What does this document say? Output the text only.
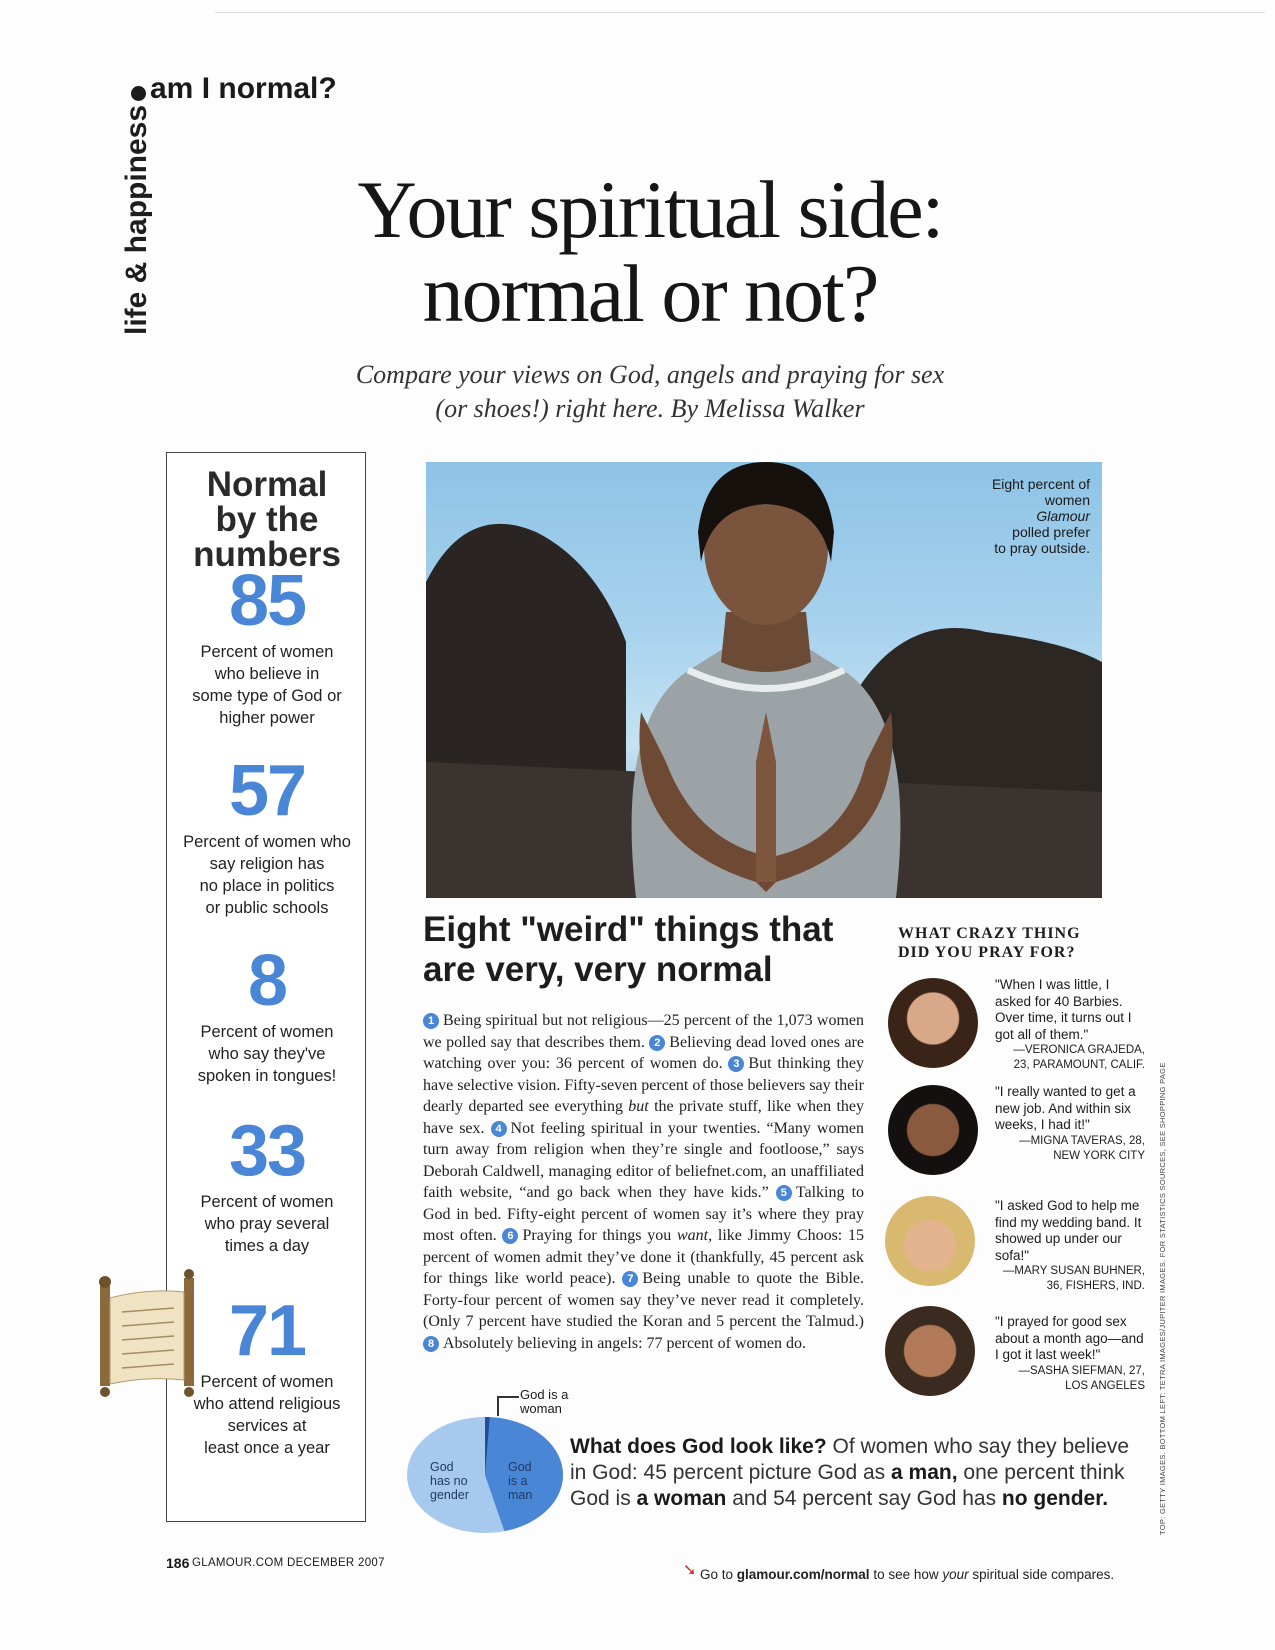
life & happiness
am I normal?
Your spiritual side:
normal or not?
Compare your views on God, angels and praying for sex
(or shoes!) right here. By Melissa Walker
Normal
by the
numbers
85
Percent of women
who believe in
some type of God or
higher power
57
Percent of women who
say religion has
no place in politics
or public schools
8
Percent of women
who say they've
spoken in tongues!
33
Percent of women
who pray several
times a day
71
Percent of women
who attend religious
services at
least once a year
Eight percent of
women Glamour
polled prefer
to pray outside.
Eight "weird" things that
are very, very normal
1 Being spiritual but not religious—25 percent of the 1,073 women we polled say that describes them. 2 Believing dead loved ones are watching over you: 36 percent of women do. 3 But thinking they have selective vision. Fifty-seven percent of those believers say their dearly departed see everything but the private stuff, like when they have sex. 4 Not feeling spiritual in your twenties. “Many women turn away from religion when they’re single and footloose,” says Deborah Caldwell, managing editor of beliefnet.com, an unaffiliated faith website, “and go back when they have kids.” 5 Talking to God in bed. Fifty-eight percent of women say it’s where they pray most often. 6 Praying for things you want, like Jimmy Choos: 15 percent of women admit they’ve done it (thankfully, 45 percent ask for things like world peace). 7 Being unable to quote the Bible. Forty-four percent of women say they’ve never read it completely. (Only 7 percent have studied the Koran and 5 percent the Talmud.) 8 Absolutely believing in angels: 77 percent of women do.
WHAT CRAZY THING
DID YOU PRAY FOR?
"When I was little, I asked for 40 Barbies. Over time, it turns out I got all of them."
—VERONICA GRAJEDA,
23, PARAMOUNT, CALIF.
"I really wanted to get a new job. And within six weeks, I had it!"
—MIGNA TAVERAS, 28,
NEW YORK CITY
"I asked God to help me find my wedding band. It showed up under our sofa!"
—MARY SUSAN BUHNER,
36, FISHERS, IND.
"I prayed for good sex about a month ago—and I got it last week!"
—SASHA SIEFMAN, 27,
LOS ANGELES
God
has no
gender
God
is a
man
God is a
woman
What does God look like? Of women who say they believe in God: 45 percent picture God as a man, one percent think God is a woman and 54 percent say God has no gender.
186 GLAMOUR.COM DECEMBER 2007	➘ Go to glamour.com/normal to see how your spiritual side compares.
TOP: GETTY IMAGES. BOTTOM LEFT: TETRA IMAGES/JUPITER IMAGES. FOR STATISTICS SOURCES, SEE SHOPPING PAGE
